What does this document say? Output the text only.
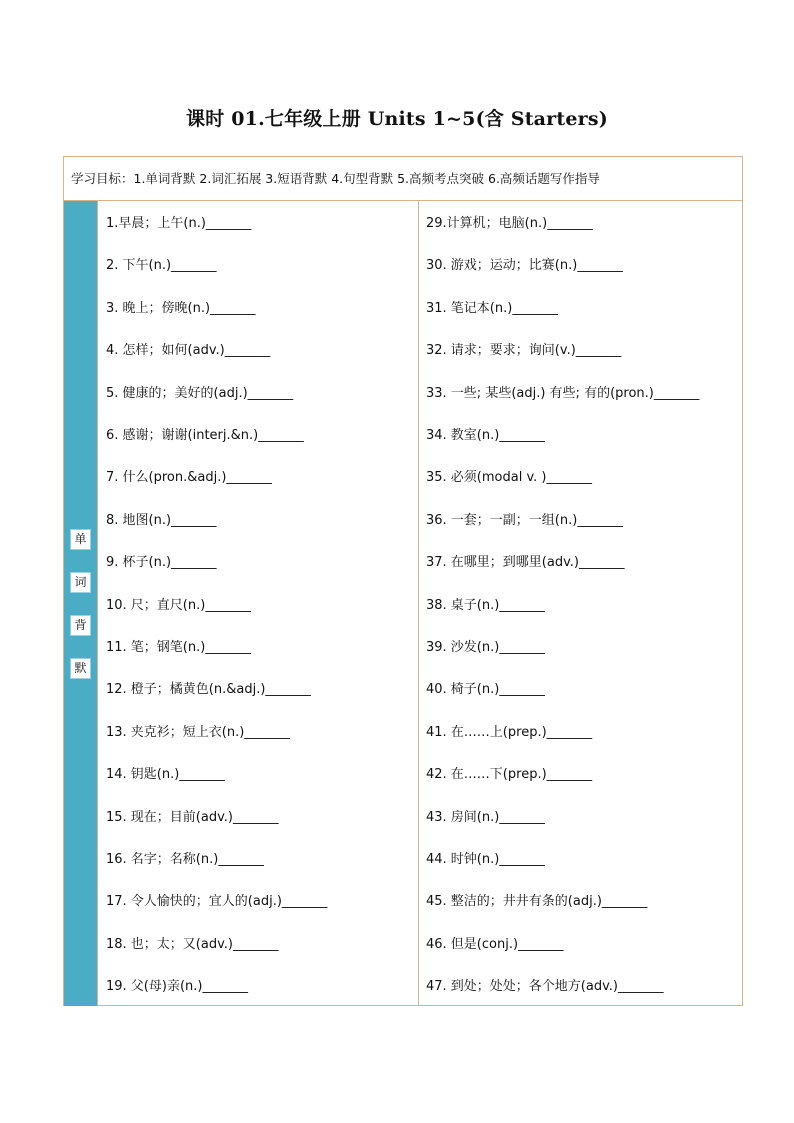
课时 01.七年级上册 Units 1~5(含 Starters)
学习目标：1.单词背默 2.词汇拓展 3.短语背默 4.句型背默 5.高频考点突破 6.高频话题写作指导
单
词
背
默
1.早晨；上午(n.)_______
2. 下午(n.)_______
3. 晚上；傍晚(n.)_______
4. 怎样；如何(adv.)_______
5. 健康的；美好的(adj.)_______
6. 感谢；谢谢(interj.&n.)_______
7. 什么(pron.&adj.)_______
8. 地图(n.)_______
9. 杯子(n.)_______
10. 尺；直尺(n.)_______
11. 笔；钢笔(n.)_______
12. 橙子；橘黄色(n.&adj.)_______
13. 夹克衫；短上衣(n.)_______
14. 钥匙(n.)_______
15. 现在；目前(adv.)_______
16. 名字；名称(n.)_______
17. 令人愉快的；宜人的(adj.)_______
18. 也；太；又(adv.)_______
19. 父(母)亲(n.)_______
29.计算机；电脑(n.)_______
30. 游戏；运动；比赛(n.)_______
31. 笔记本(n.)_______
32. 请求；要求；询问(v.)_______
33. 一些; 某些(adj.) 有些; 有的(pron.)_______
34. 教室(n.)_______
35. 必须(modal v. )_______
36. 一套；一副；一组(n.)_______
37. 在哪里；到哪里(adv.)_______
38. 桌子(n.)_______
39. 沙发(n.)_______
40. 椅子(n.)_______
41. 在……上(prep.)_______
42. 在……下(prep.)_______
43. 房间(n.)_______
44. 时钟(n.)_______
45. 整洁的；井井有条的(adj.)_______
46. 但是(conj.)_______
47. 到处；处处；各个地方(adv.)_______
